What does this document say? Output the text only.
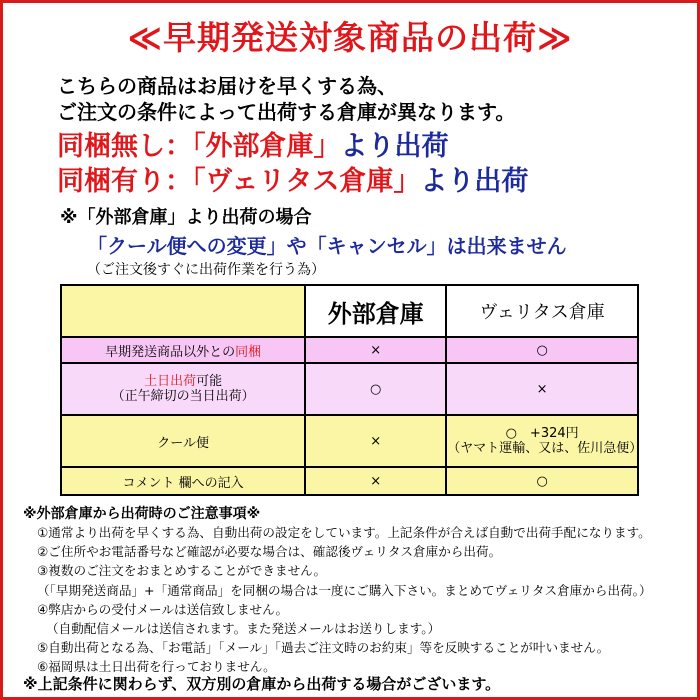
≪早期発送対象商品の出荷≫
こちらの商品はお届けを早くする為、
ご注文の条件によって出荷する倉庫が異なります。
同梱無し：「外部倉庫」より出荷
同梱有り：「ヴェリタス倉庫」より出荷
※「外部倉庫」より出荷の場合
「クール便への変更」や「キャンセル」は出来ません
（ご注文後すぐに出荷作業を行う為）
	外部倉庫	ヴェリタス倉庫
早期発送商品以外との同梱	×	○

土日出荷可能
（正午締切の当日出荷）	○	×
クール便	×	○　+324円
（ヤマト運輸、又は、佐川急便）

コメント 欄への記入	×	○
※外部倉庫から出荷時のご注意事項※
①通常より出荷を早くする為、自動出荷の設定をしています。上記条件が合えば自動で出荷手配になります。
②ご住所やお電話番号など確認が必要な場合は、確認後ヴェリタス倉庫から出荷。
③複数のご注文をおまとめすることができません。
（「早期発送商品」+「通常商品」を同梱の場合は一度にご購入下さい。まとめてヴェリタス倉庫から出荷。）
④弊店からの受付メールは送信致しません。
（自動配信メールは送信されます。また発送メールはお送りします。）
⑤自動出荷となる為、「お電話」「メール」「過去ご注文時のお約束」等を反映することが叶いません。
⑥福岡県は土日出荷を行っておりません。
※上記条件に関わらず、双方別の倉庫から出荷する場合がございます。
